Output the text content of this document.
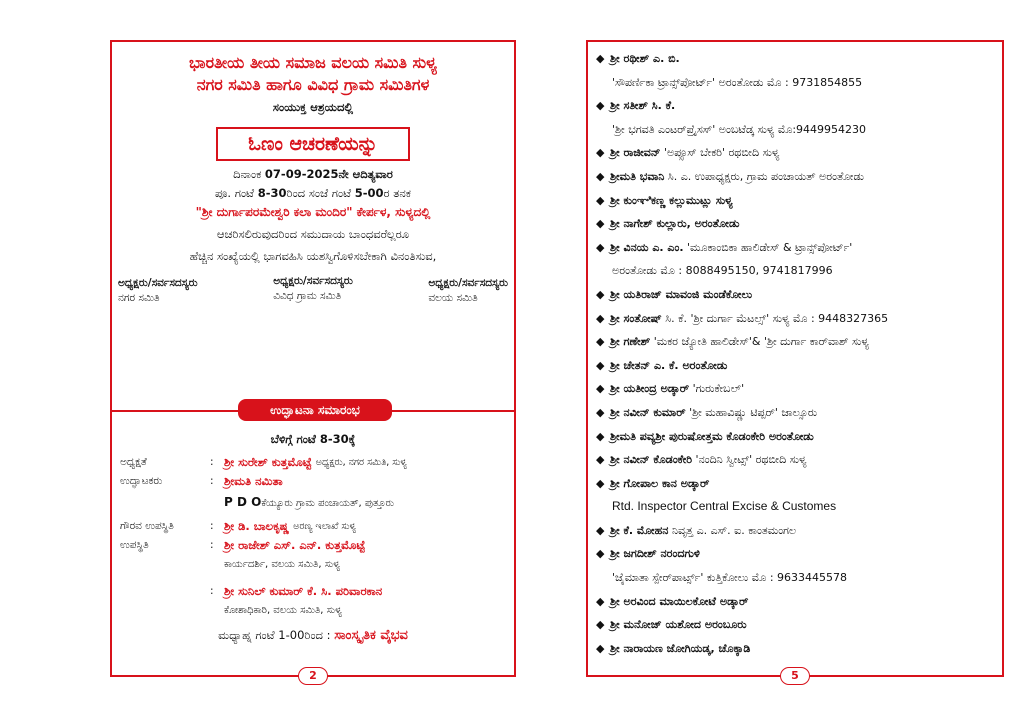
ಭಾರತೀಯ ತೀಯ ಸಮಾಜ ವಲಯ ಸಮಿತಿ ಸುಳ್ಯ
ನಗರ ಸಮಿತಿ ಹಾಗೂ ವಿವಿಧ ಗ್ರಾಮ ಸಮಿತಿಗಳ
ಸಂಯುಕ್ತ ಆಶ್ರಯದಲ್ಲಿ
ಓಣಂ ಆಚರಣೆಯನ್ನು
ದಿನಾಂಕ 07-09-2025ನೇ ಆದಿತ್ಯವಾರ
ಪೂ. ಗಂಟೆ 8-30ರಿಂದ ಸಂಜೆ ಗಂಟೆ 5-00ರ ತನಕ
"ಶ್ರೀ ದುರ್ಗಾಪರಮೇಶ್ವರಿ ಕಲಾ ಮಂದಿರ" ಕೇರ್ಪಳ, ಸುಳ್ಯದಲ್ಲಿ
ಆಚರಿಸಲಿರುವುದರಿಂದ ಸಮುದಾಯ ಬಾಂಧವರೆಲ್ಲರೂ
ಹೆಚ್ಚಿನ ಸಂಖ್ಯೆಯಲ್ಲಿ ಭಾಗವಹಿಸಿ ಯಶಸ್ವಿಗೊಳಿಸಬೇಕಾಗಿ ವಿನಂತಿಸುವ,
ಅಧ್ಯಕ್ಷರು/ಸರ್ವಸದಸ್ಯರು
ನಗರ ಸಮಿತಿ
ಅಧ್ಯಕ್ಷರು/ಸರ್ವಸದಸ್ಯರು
ವಿವಿಧ ಗ್ರಾಮ ಸಮಿತಿ
ಅಧ್ಯಕ್ಷರು/ಸರ್ವಸದಸ್ಯರು
ವಲಯ ಸಮಿತಿ
ಉದ್ಘಾಟನಾ ಸಮಾರಂಭ
ಬೆಳಿಗ್ಗೆ ಗಂಟೆ 8-30ಕ್ಕೆ
ಅಧ್ಯಕ್ಷತೆ	: ಶ್ರೀ ಸುರೇಶ್ ಕುತ್ತಮೊಟ್ಟೆ ಅಧ್ಯಕ್ಷರು, ನಗರ ಸಮಿತಿ, ಸುಳ್ಯ
ಉದ್ಘಾಟಕರು	: ಶ್ರೀಮತಿ ನಮಿತಾ
P D Oಕೆಯ್ಯೂರು ಗ್ರಾಮ ಪಂಚಾಯತ್, ಪುತ್ತೂರು
ಗೌರವ ಉಪಸ್ಥಿತಿ	: ಶ್ರೀ ಡಿ. ಬಾಲಕೃಷ್ಣ ಅರಣ್ಯ ಇಲಾಖೆ ಸುಳ್ಯ
ಉಪಸ್ಥಿತಿ	: ಶ್ರೀ ರಾಜೇಶ್ ಎಸ್. ಎನ್. ಕುತ್ತಮೊಟ್ಟೆ
ಕಾರ್ಯದರ್ಶಿ, ವಲಯ ಸಮಿತಿ, ಸುಳ್ಯ
: ಶ್ರೀ ಸುನಿಲ್ ಕುಮಾರ್ ಕೆ. ಸಿ. ಪರಿವಾರಕಾನ
ಕೋಶಾಧಿಕಾರಿ, ವಲಯ ಸಮಿತಿ, ಸುಳ್ಯ
ಮಧ್ಯಾಹ್ನ ಗಂಟೆ 1-00ರಿಂದ : ಸಾಂಸ್ಕೃತಿಕ ವೈಭವ
2
◆ ಶ್ರೀ ರಥೀಶ್ ಎ. ಬಿ.
'ಸೌಪರ್ಣಿಕಾ ಟ್ರಾನ್ಸ್‌ಪೋರ್ಟ್' ಅರಂತೋಡು ಮೊ : 9731854855
◆ ಶ್ರೀ ಸತೀಶ್ ಸಿ. ಕೆ.
'ಶ್ರೀ ಭಗವತಿ ಎಂಟರ್‌ಪ್ರೈಸಸ್' ಅಂಬಟೆಡ್ಕ ಸುಳ್ಯ ಮೊ:9449954230
◆ ಶ್ರೀ ರಾಜೀವನ್ 'ಅಪ್ಸೂಸ್ ಬೇಕರಿ' ರಥಬೀದಿ ಸುಳ್ಯ
◆ ಶ್ರೀಮತಿ ಭವಾನಿ ಸಿ. ಎ. ಉಪಾಧ್ಯಕ್ಷರು, ಗ್ರಾಮ ಪಂಚಾಯತ್ ಅರಂತೋಡು
◆ ಶ್ರೀ ಕುಂಞಿಕಣ್ಣ ಕಲ್ಲುಮುಟ್ಲು ಸುಳ್ಯ
◆ ಶ್ರೀ ನಾಗೇಶ್ ಕುಲ್ಲಾರು, ಅರಂತೋಡು
◆ ಶ್ರೀ ವಿನಯ ಎ. ಎಂ. 'ಮೂಕಾಂಬಿಕಾ ಹಾಲಿಡೇಸ್ & ಟ್ರಾನ್ಸ್‌ಪೋರ್ಟ್'
ಅರಂತೋಡು ಮೊ : 8088495150, 9741817996
◆ ಶ್ರೀ ಯತಿರಾಜ್ ಮಾವಂಜಿ ಮಂಡೆಕೋಲು
◆ ಶ್ರೀ ಸಂತೋಷ್ ಸಿ. ಕೆ. 'ಶ್ರೀ ದುರ್ಗಾ ಮೆಟಲ್ಸ್' ಸುಳ್ಯ ಮೊ : 9448327365
◆ ಶ್ರೀ ಗಣೇಶ್ 'ಮಕರ ಜ್ಯೋತಿ ಹಾಲಿಡೇಸ್'& 'ಶ್ರೀ ದುರ್ಗಾ ಕಾರ್‌ವಾಶ್ ಸುಳ್ಯ
◆ ಶ್ರೀ ಚೇತನ್ ಎ. ಕೆ. ಅರಂತೋಡು
◆ ಶ್ರೀ ಯತೀಂದ್ರ ಅಡ್ಕಾರ್ 'ಗುರುಕೇಬಲ್'
◆ ಶ್ರೀ ನವೀನ್ ಕುಮಾರ್ 'ಶ್ರೀ ಮಹಾವಿಷ್ಣು ಟಿಪ್ಪರ್' ಜಾಲ್ಸೂರು
◆ ಶ್ರೀಮತಿ ಪವ್ಯಶ್ರೀ ಪುರುಷೋತ್ತಮ ಕೊಡಂಕೇರಿ ಅರಂತೋಡು
◆ ಶ್ರೀ ನವೀನ್ ಕೊಡಂಕೇರಿ 'ನಂದಿನಿ ಸ್ವೀಟ್ಸ್' ರಥಬೀದಿ ಸುಳ್ಯ
◆ ಶ್ರೀ ಗೋಪಾಲ ಕಾನ ಅಡ್ಕಾರ್
Rtd. Inspector Central Excise & Customes
◆ ಶ್ರೀ ಕೆ. ಮೋಹನ ನಿವೃತ್ತ ಎ. ಎಸ್. ಐ. ಕಾಂತಮಂಗಲ
◆ ಶ್ರೀ ಜಗದೀಶ್ ನರಂದಗುಳಿ
'ಜೈಮಾತಾ ಸ್ಪೇರ್‌ಪಾರ್ಟ್ಸ್' ಕುತ್ತಿಕೋಲು ಮೊ : 9633445578
◆ ಶ್ರೀ ಅರವಿಂದ ಮಾಯಿಲಕೋಟೆ ಅಡ್ಕಾರ್
◆ ಶ್ರೀ ಮನೋಜ್ ಯಶೋದ ಅರಂಬೂರು
◆ ಶ್ರೀ ನಾರಾಯಣ ಜೋಗಿಯಡ್ಕ, ಚೊಕ್ಕಾಡಿ
5
